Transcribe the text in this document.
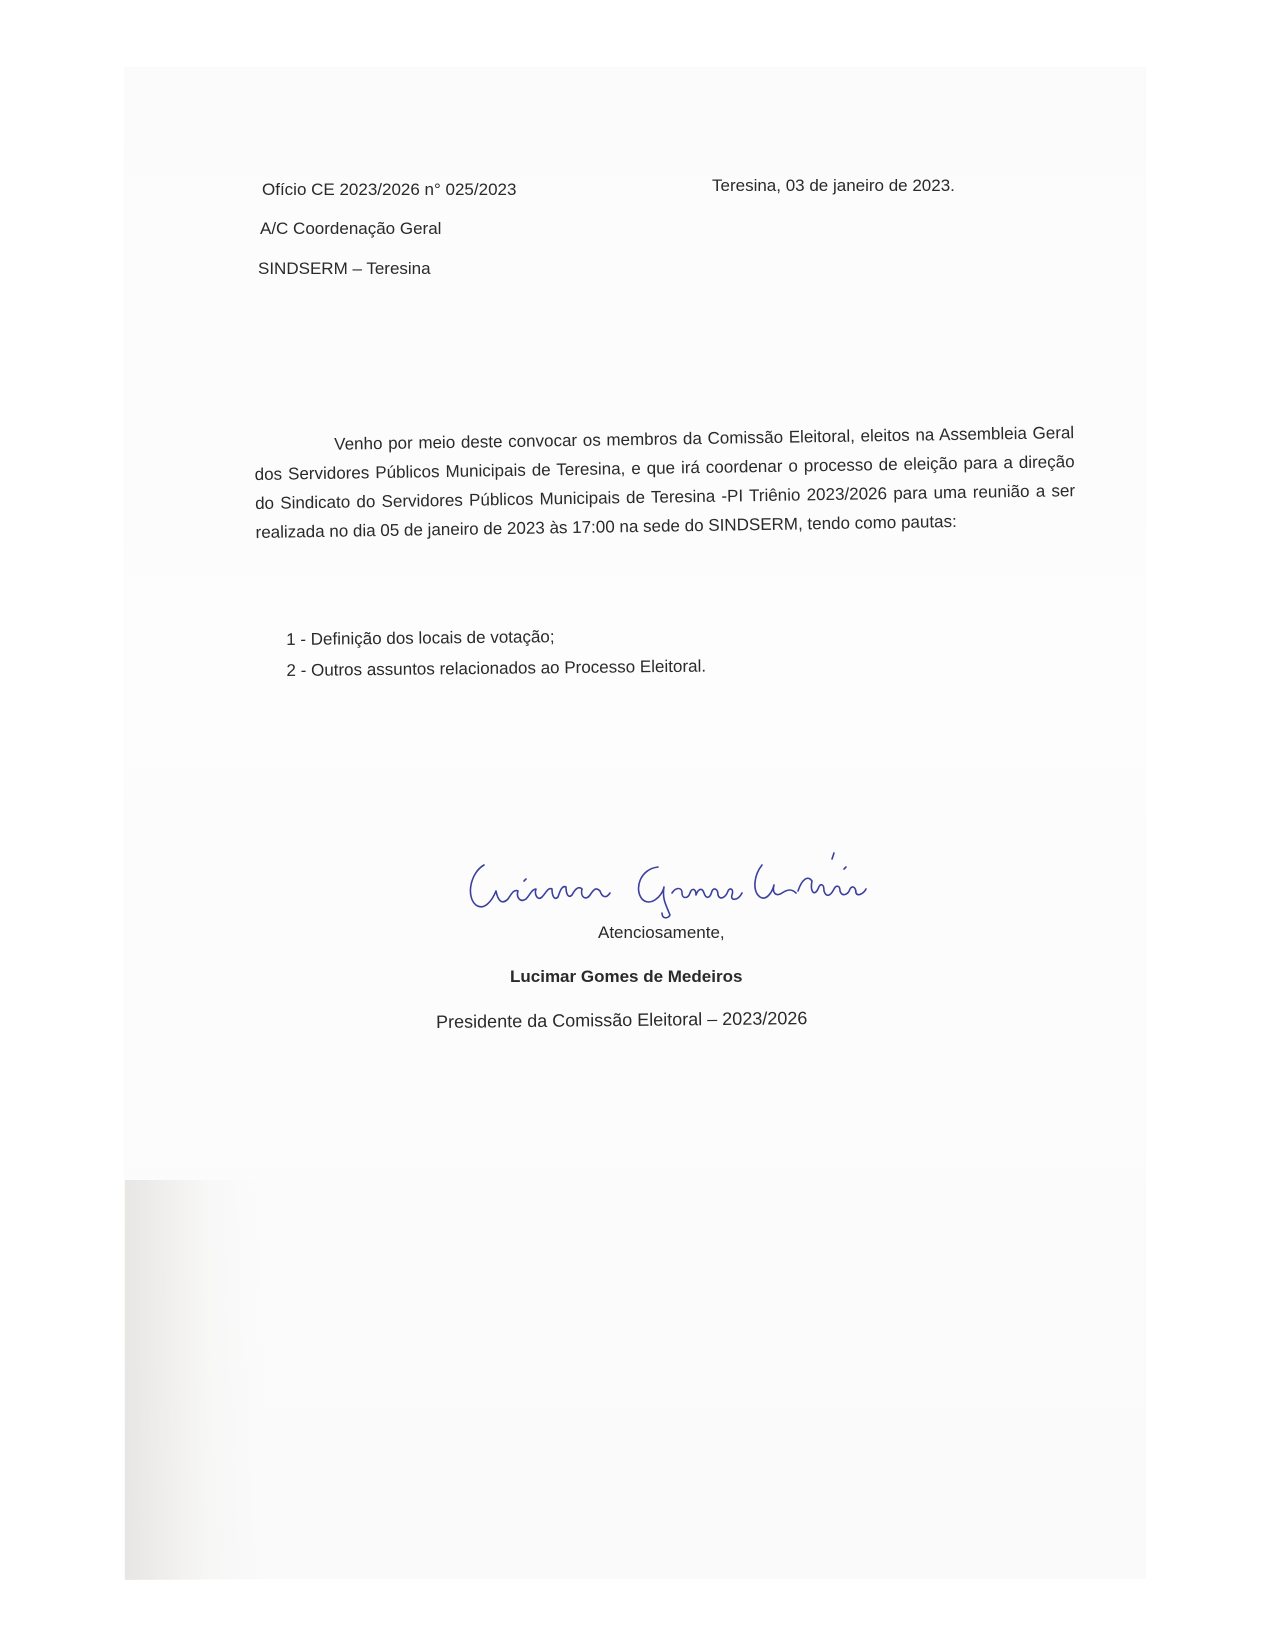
Ofício CE 2023/2026 n° 025/2023	Teresina, 03 de janeiro de 2023.
A/C Coordenação Geral
SINDSERM – Teresina
Venho por meio deste convocar os membros da Comissão Eleitoral, eleitos na Assembleia Geral dos Servidores Públicos Municipais de Teresina, e que irá coordenar o processo de eleição para a direção do Sindicato do Servidores Públicos Municipais de Teresina -PI Triênio 2023/2026 para uma reunião a ser realizada no dia 05 de janeiro de 2023 às 17:00 na sede do SINDSERM, tendo como pautas:
1 - Definição dos locais de votação;
2 - Outros assuntos relacionados ao Processo Eleitoral.
Atenciosamente,
Lucimar Gomes de Medeiros
Presidente da Comissão Eleitoral – 2023/2026
